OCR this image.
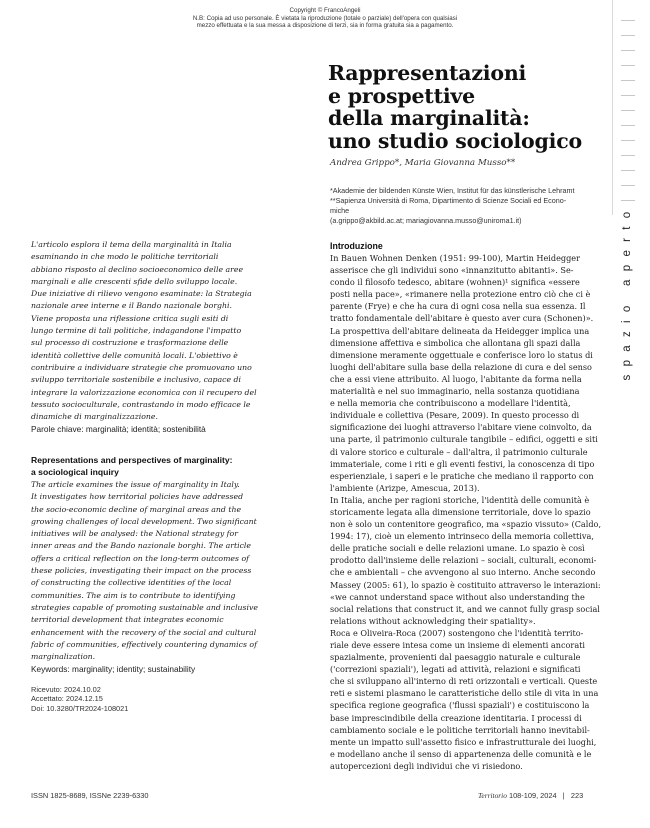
Copyright © FrancoAngeli
N.B: Copia ad uso personale. È vietata la riproduzione (totale o parziale) dell'opera con qualsiasi
mezzo effettuata e la sua messa a disposizione di terzi, sia in forma gratuita sia a pagamento.
spazio aperto
Rappresentazioni
e prospettive
della marginalità:
uno studio sociologico
Andrea Grippo*, Maria Giovanna Musso**
*Akademie der bildenden Künste Wien, Institut für das künstlerische Lehramt
**Sapienza Università di Roma, Dipartimento di Scienze Sociali ed Econo-
miche
(a.grippo@akbild.ac.at; mariagiovanna.musso@uniroma1.it)
L'articolo esplora il tema della marginalità in Italia
esaminando in che modo le politiche territoriali
abbiano risposto al declino socioeconomico delle aree
marginali e alle crescenti sfide dello sviluppo locale.
Due iniziative di rilievo vengono esaminate: la Strategia
nazionale aree interne e il Bando nazionale borghi.
Viene proposta una riflessione critica sugli esiti di
lungo termine di tali politiche, indagandone l'impatto
sul processo di costruzione e trasformazione delle
identità collettive delle comunità locali. L'obiettivo è
contribuire a individuare strategie che promuovano uno
sviluppo territoriale sostenibile e inclusivo, capace di
integrare la valorizzazione economica con il recupero del
tessuto socioculturale, contrastando in modo efficace le
dinamiche di marginalizzazione.
Parole chiave: marginalità; identità; sostenibilità
Representations and perspectives of marginality:
a sociological inquiry
The article examines the issue of marginality in Italy.
It investigates how territorial policies have addressed
the socio-economic decline of marginal areas and the
growing challenges of local development. Two significant
initiatives will be analysed: the National strategy for
inner areas and the Bando nazionale borghi. The article
offers a critical reflection on the long-term outcomes of
these policies, investigating their impact on the process
of constructing the collective identities of the local
communities. The aim is to contribute to identifying
strategies capable of promoting sustainable and inclusive
territorial development that integrates economic
enhancement with the recovery of the social and cultural
fabric of communities, effectively countering dynamics of
marginalization.
Keywords: marginality; identity; sustainability
Ricevuto: 2024.10.02
Accettato: 2024.12.15
Doi: 10.3280/TR2024-108021
Introduzione
In Bauen Wohnen Denken (1951: 99-100), Martin Heidegger
asserisce che gli individui sono «innanzitutto abitanti». Se-
condo il filosofo tedesco, abitare (wohnen)¹ significa «essere
posti nella pace», «rimanere nella protezione entro ciò che ci è
parente (Frye) e che ha cura di ogni cosa nella sua essenza. Il
tratto fondamentale dell'abitare è questo aver cura (Schonen)».
La prospettiva dell'abitare delineata da Heidegger implica una
dimensione affettiva e simbolica che allontana gli spazi dalla
dimensione meramente oggettuale e conferisce loro lo status di
luoghi dell'abitare sulla base della relazione di cura e del senso
che a essi viene attribuito. Al luogo, l'abitante da forma nella
materialità e nel suo immaginario, nella sostanza quotidiana
e nella memoria che contribuiscono a modellare l'identità,
individuale e collettiva (Pesare, 2009). In questo processo di
significazione dei luoghi attraverso l'abitare viene coinvolto, da
una parte, il patrimonio culturale tangibile – edifici, oggetti e siti
di valore storico e culturale – dall'altra, il patrimonio culturale
immateriale, come i riti e gli eventi festivi, la conoscenza di tipo
esperienziale, i saperi e le pratiche che mediano il rapporto con
l'ambiente (Arizpe, Amescua, 2013).
In Italia, anche per ragioni storiche, l'identità delle comunità è
storicamente legata alla dimensione territoriale, dove lo spazio
non è solo un contenitore geografico, ma «spazio vissuto» (Caldo,
1994: 17), cioè un elemento intrinseco della memoria collettiva,
delle pratiche sociali e delle relazioni umane. Lo spazio è così
prodotto dall'insieme delle relazioni – sociali, culturali, economi-
che e ambientali – che avvengono al suo interno. Anche secondo
Massey (2005: 61), lo spazio è costituito attraverso le interazioni:
«we cannot understand space without also understanding the
social relations that construct it, and we cannot fully grasp social
relations without acknowledging their spatiality».
Roca e Oliveira-Roca (2007) sostengono che l'identità territo-
riale deve essere intesa come un insieme di elementi ancorati
spazialmente, provenienti dal paesaggio naturale e culturale
('correzioni spaziali'), legati ad attività, relazioni e significati
che si sviluppano all'interno di reti orizzontali e verticali. Queste
reti e sistemi plasmano le caratteristiche dello stile di vita in una
specifica regione geografica ('flussi spaziali') e costituiscono la
base imprescindibile della creazione identitaria. I processi di
cambiamento sociale e le politiche territoriali hanno inevitabil-
mente un impatto sull'assetto fisico e infrastrutturale dei luoghi,
e modellano anche il senso di appartenenza delle comunità e le
autopercezioni degli individui che vi risiedono.
ISSN 1825-8689, ISSNe 2239-6330	Territorio 108-109, 2024 | 223
